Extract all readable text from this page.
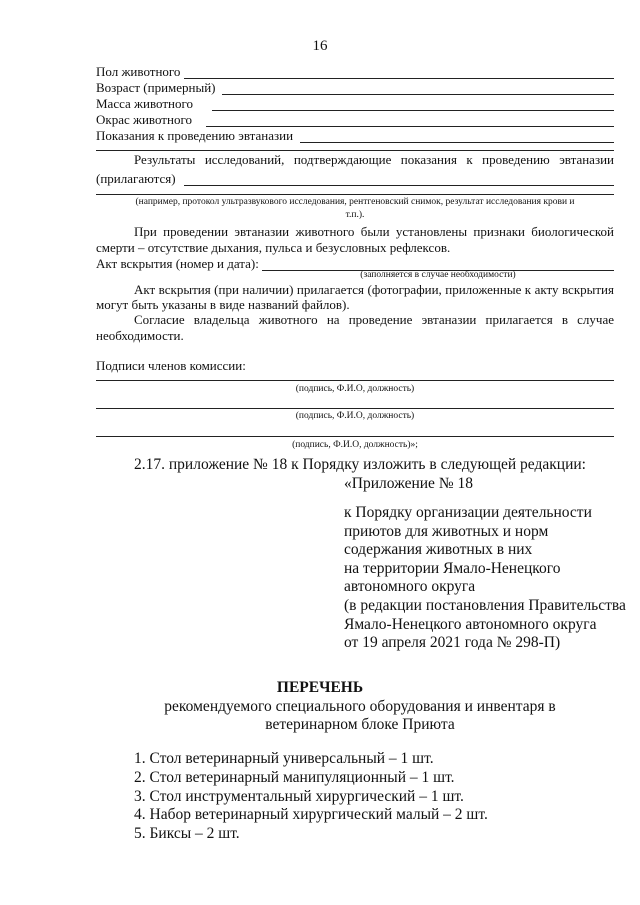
16
Пол животного
Возраст (примерный)
Масса животного
Окрас животного
Показания к проведению эвтаназии
Результаты исследований, подтверждающие показания к проведению эвтаназии
(прилагаются)
(например, протокол ультразвукового исследования, рентгеновский снимок, результат исследования крови и
т.п.).
При проведении эвтаназии животного были установлены признаки биологической
смерти – отсутствие дыхания, пульса и безусловных рефлексов.
Акт вскрытия (номер и дата):
(заполняется в случае необходимости)
Акт вскрытия (при наличии) прилагается (фотографии, приложенные к акту вскрытия
могут быть указаны в виде названий файлов).
Согласие владельца животного на проведение эвтаназии прилагается в случае
необходимости.
Подписи членов комиссии:
(подпись, Ф.И.О, должность)
(подпись, Ф.И.О, должность)
(подпись, Ф.И.О, должность)»;
2.17. приложение № 18 к Порядку изложить в следующей редакции:
«Приложение № 18
к Порядку организации деятельности
приютов для животных и норм
содержания животных в них
на территории Ямало-Ненецкого
автономного округа
(в редакции постановления Правительства
Ямало-Ненецкого автономного округа
от 19 апреля 2021 года № 298-П)
ПЕРЕЧЕНЬ
рекомендуемого специального оборудования и инвентаря в
ветеринарном блоке Приюта
1. Стол ветеринарный универсальный – 1 шт.
2. Стол ветеринарный манипуляционный – 1 шт.
3. Стол инструментальный хирургический – 1 шт.
4. Набор ветеринарный хирургический малый – 2 шт.
5. Биксы – 2 шт.
